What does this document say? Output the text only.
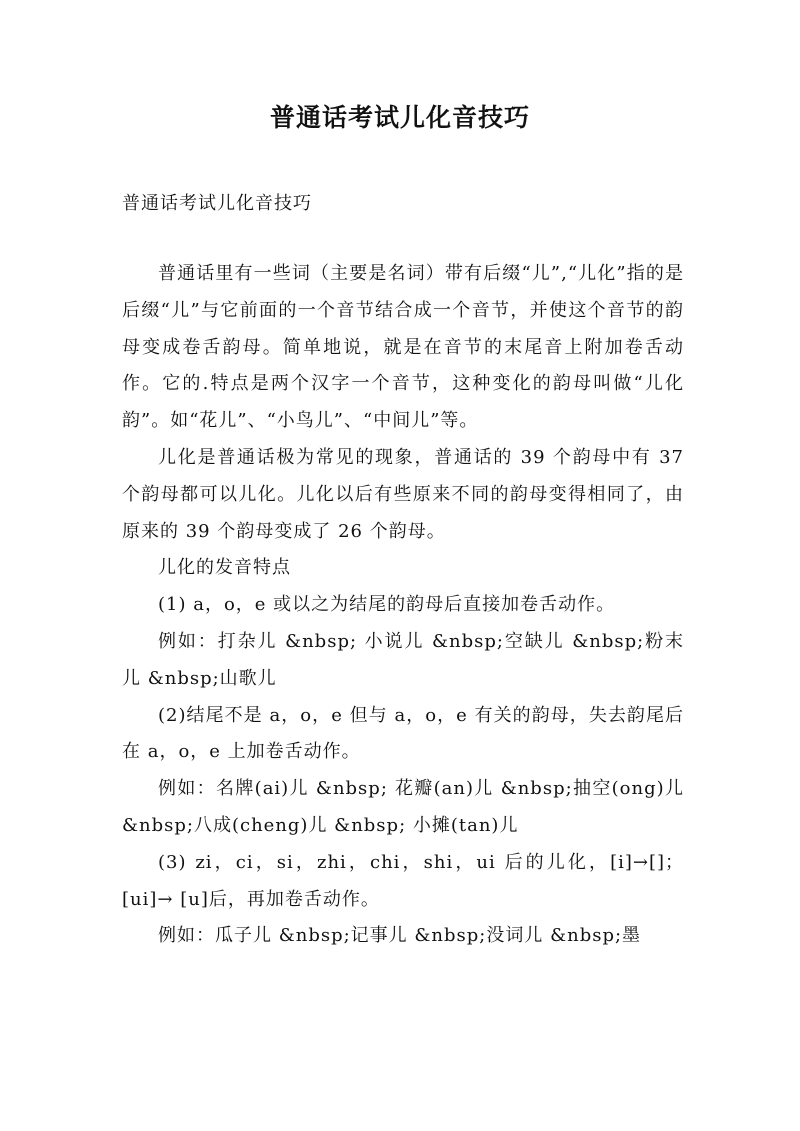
普通话考试儿化音技巧
普通话考试儿化音技巧

普通话里有一些词（主要是名词）带有后缀“儿”,“儿化”指的是后缀“儿”与它前面的一个音节结合成一个音节，并使这个音节的韵母变成卷舌韵母。简单地说，就是在音节的末尾音上附加卷舌动作。它的.特点是两个汉字一个音节，这种变化的韵母叫做“儿化韵”。如“花儿”、“小鸟儿”、“中间儿”等。

儿化是普通话极为常见的现象，普通话的 39 个韵母中有 37 个韵母都可以儿化。儿化以后有些原来不同的韵母变得相同了，由原来的 39 个韵母变成了 26 个韵母。

儿化的发音特点

(1) a，o，e 或以之为结尾的韵母后直接加卷舌动作。

例如：打杂儿 &nbsp; 小说儿 &nbsp;空缺儿 &nbsp;粉末儿 &nbsp;山歌儿

(2)结尾不是 a，o，e 但与 a，o，e 有关的韵母，失去韵尾后在 a，o，e 上加卷舌动作。

例如：名牌(ai)儿 &nbsp; 花瓣(an)儿 &nbsp;抽空(ong)儿 &nbsp;八成(cheng)儿 &nbsp; 小摊(tan)儿

(3) zi，ci，si，zhi，chi，shi，ui 后的儿化，[i]→[]；[ui]→ [u]后，再加卷舌动作。

例如：瓜子儿 &nbsp;记事儿 &nbsp;没词儿 &nbsp;墨
